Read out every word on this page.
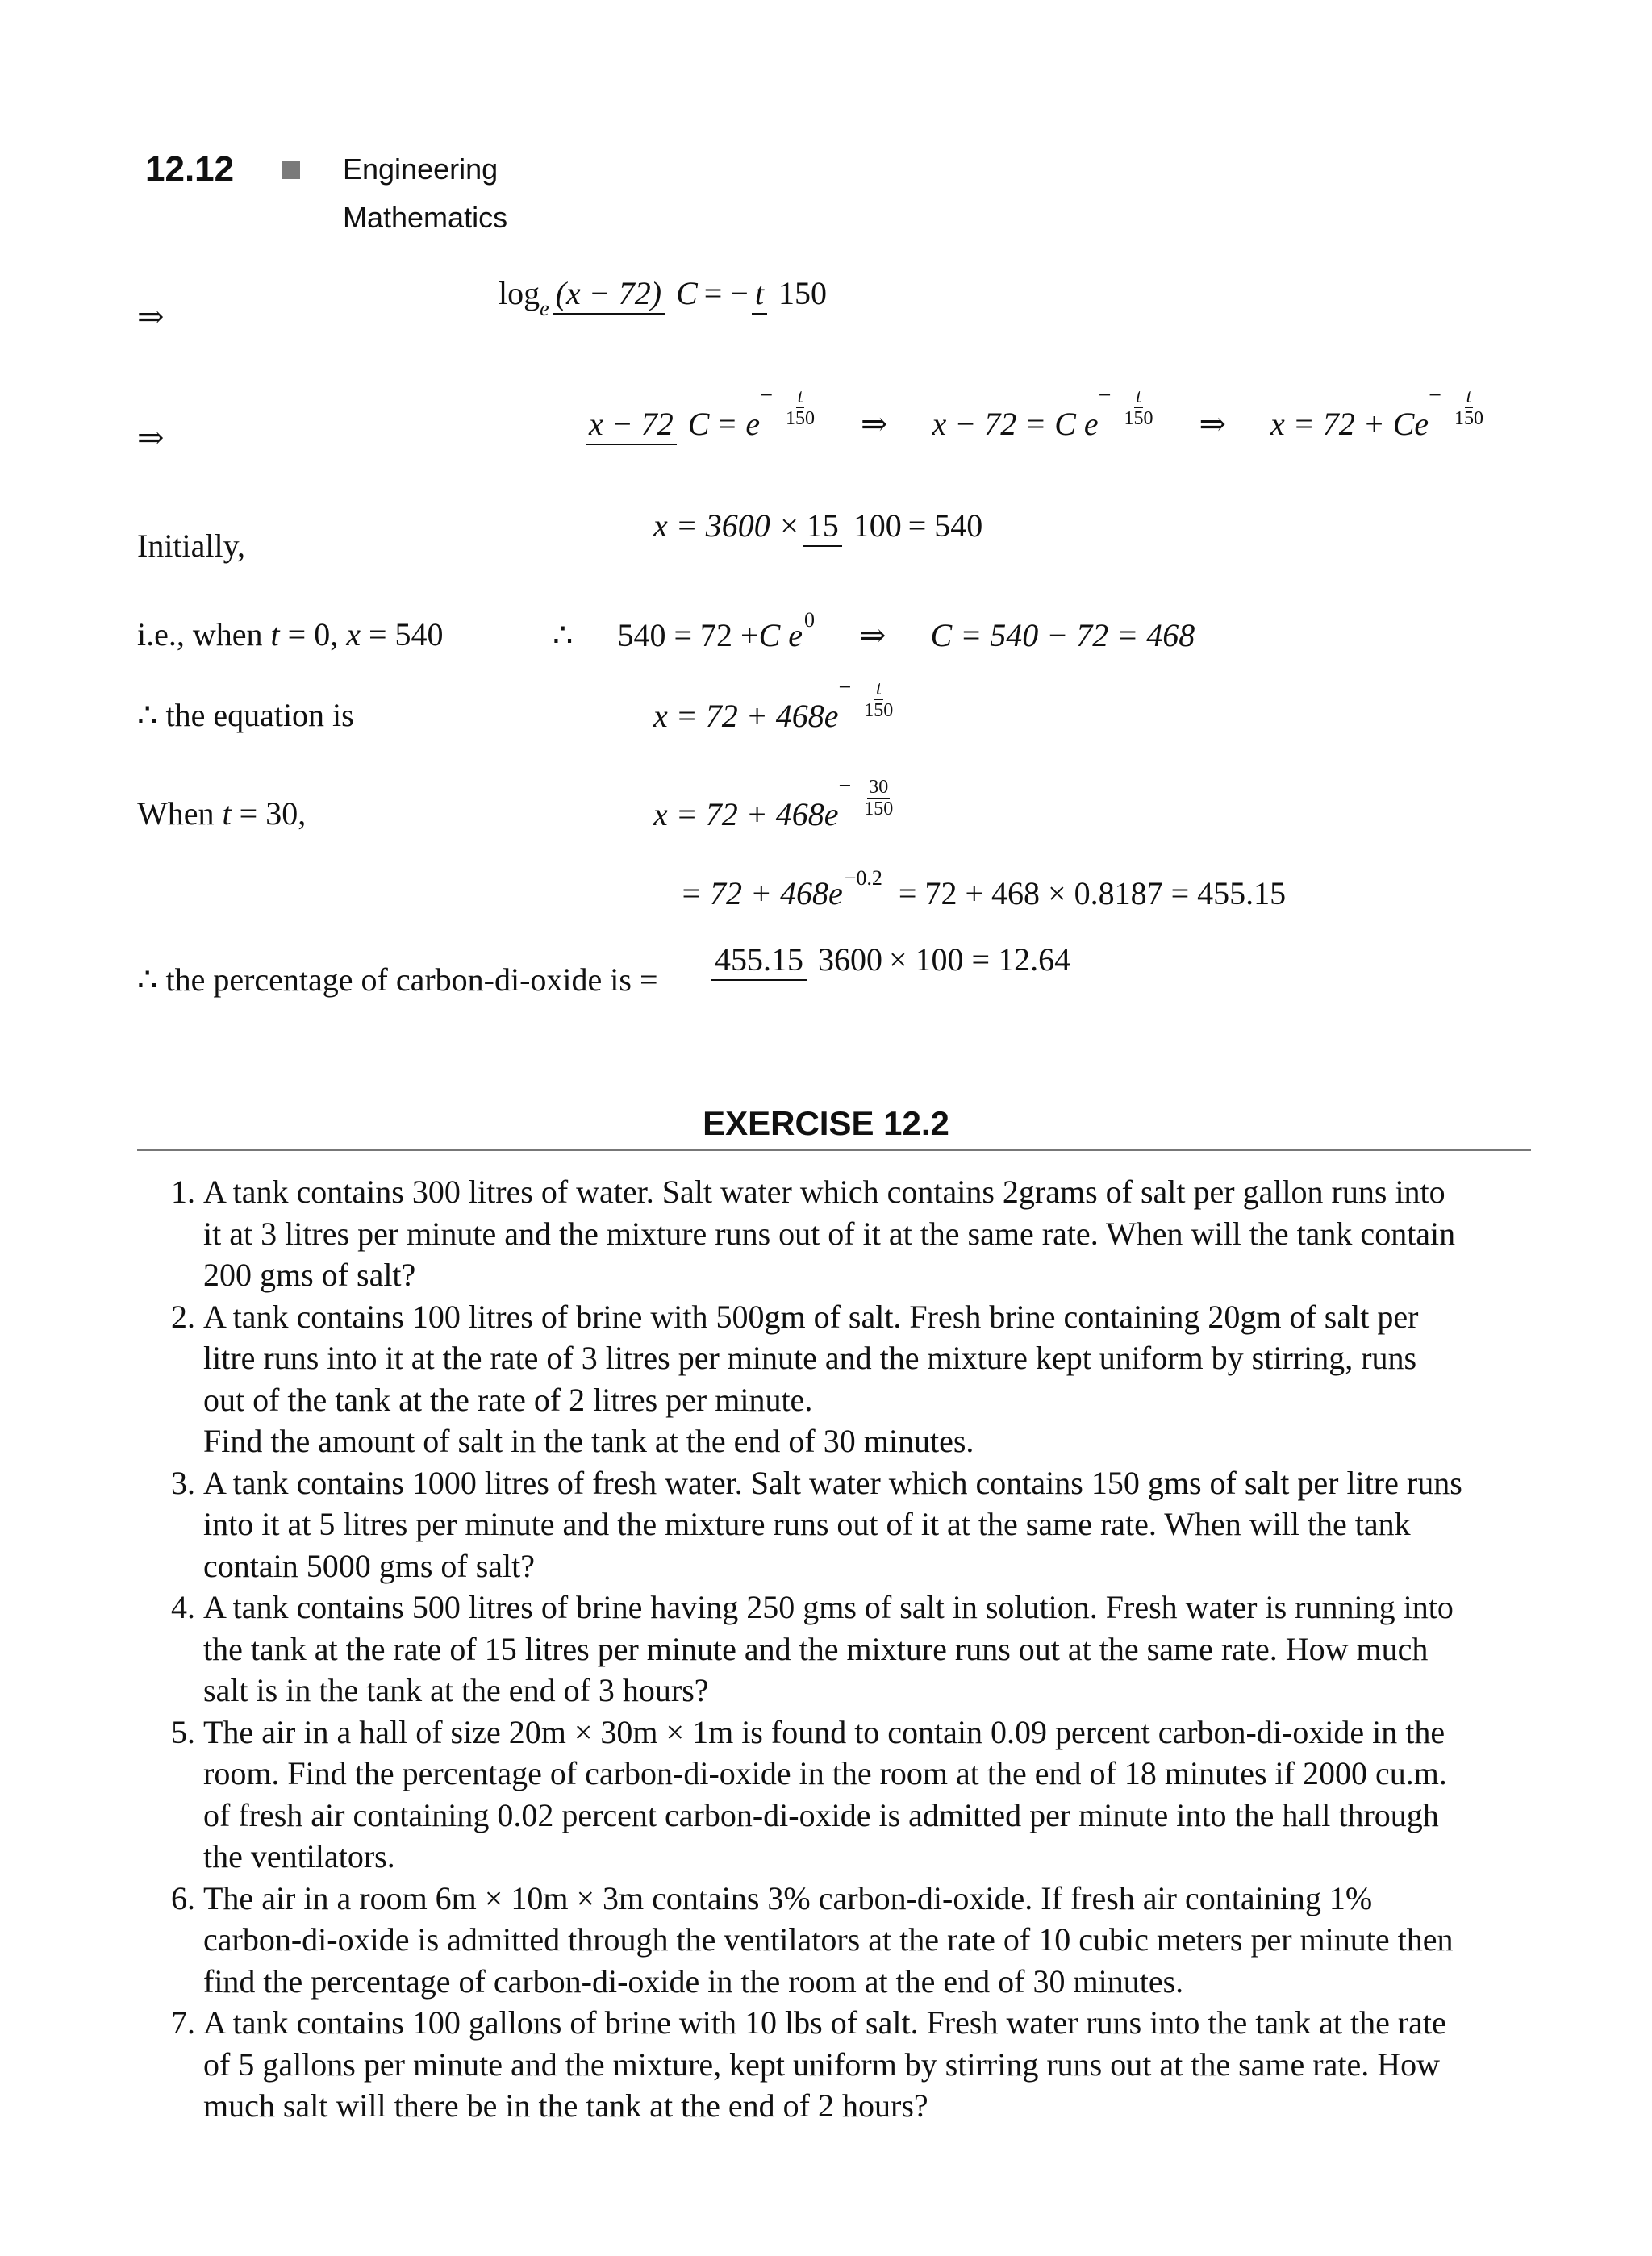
12.12	Engineering Mathematics
⇒
$\log_e (x - 72) C$ = − t 150
⇒	x − 72 C = e
− $\frac{t}{150}$ ⇒ x − 72 = C e
− $\frac{t}{150}$ ⇒ x = 72 + Ce
− $\frac{t}{150}$
Initially,
x = 3600 × 15 100 = 540
i.e., when t = 0, x = 540	∴ 540 = 72 + C e 0 ⇒ C = 540 − 72 = 468
∴ the equation is	x = 72 + 468e
− $\frac{t}{150}$
When t = 30,	x = 72 + 468e
− $\frac{30}{150}$
= 72 + 468e −0.2 = 72 + 468 × 0.8187 = 455.15
∴ the percentage of carbon-di-oxide is =
455.15 3600 × 100 = 12.64
EXERCISE 12.2
1. A tank contains 300 litres of water. Salt water which contains 2grams of salt per gallon runs into
it at 3 litres per minute and the mixture runs out of it at the same rate. When will the tank contain
200 gms of salt?
2. A tank contains 100 litres of brine with 500gm of salt. Fresh brine containing 20gm of salt per
litre runs into it at the rate of 3 litres per minute and the mixture kept uniform by stirring, runs
out of the tank at the rate of 2 litres per minute.
Find the amount of salt in the tank at the end of 30 minutes.
3. A tank contains 1000 litres of fresh water. Salt water which contains 150 gms of salt per litre runs
into it at 5 litres per minute and the mixture runs out of it at the same rate. When will the tank
contain 5000 gms of salt?
4. A tank contains 500 litres of brine having 250 gms of salt in solution. Fresh water is running into
the tank at the rate of 15 litres per minute and the mixture runs out at the same rate. How much
salt is in the tank at the end of 3 hours?
5. The air in a hall of size 20m × 30m × 1m is found to contain 0.09 percent carbon-di-oxide in the
room. Find the percentage of carbon-di-oxide in the room at the end of 18 minutes if 2000 cu.m.
of fresh air containing 0.02 percent carbon-di-oxide is admitted per minute into the hall through
the ventilators.
6. The air in a room 6m × 10m × 3m contains 3% carbon-di-oxide. If fresh air containing 1%
carbon-di-oxide is admitted through the ventilators at the rate of 10 cubic meters per minute then
find the percentage of carbon-di-oxide in the room at the end of 30 minutes.
7. A tank contains 100 gallons of brine with 10 lbs of salt. Fresh water runs into the tank at the rate
of 5 gallons per minute and the mixture, kept uniform by stirring runs out at the same rate. How
much salt will there be in the tank at the end of 2 hours?
